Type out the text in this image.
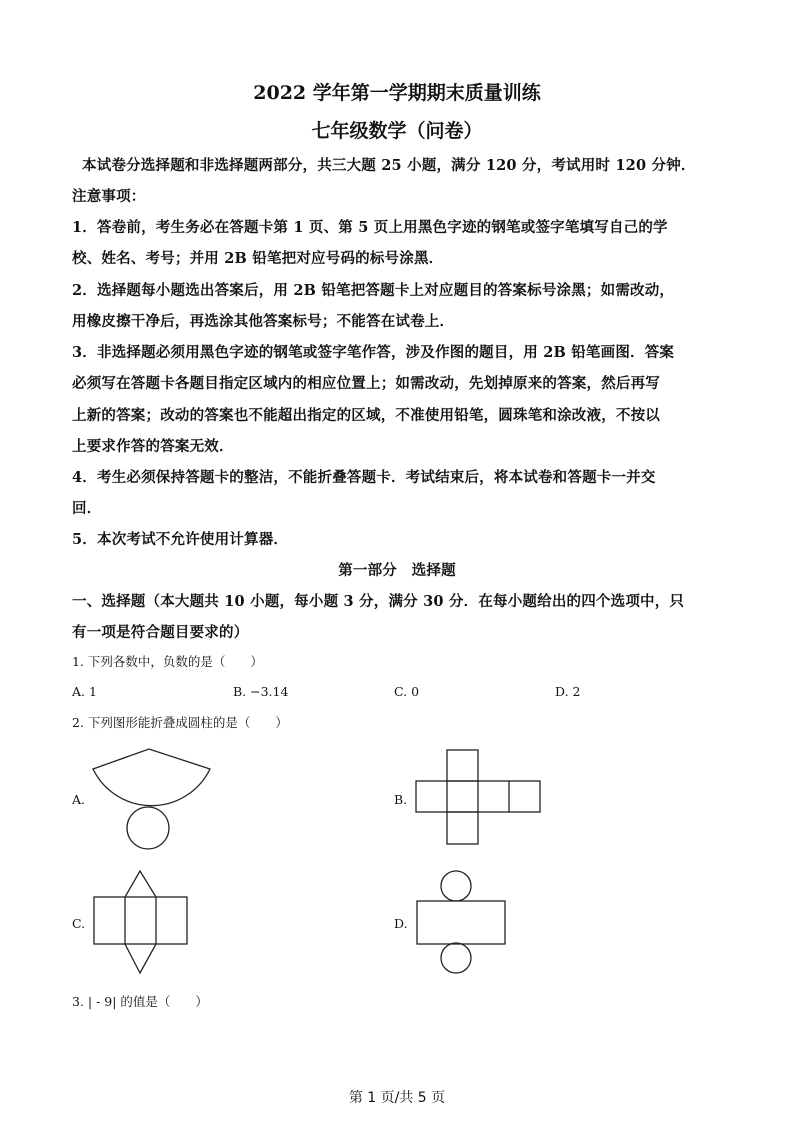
2022 学年第一学期期末质量训练
七年级数学（问卷）
本试卷分选择题和非选择题两部分，共三大题 25 小题，满分 120 分，考试用时 120 分钟．
注意事项：
1．答卷前，考生务必在答题卡第 1 页、第 5 页上用黑色字迹的钢笔或签字笔填写自己的学
校、姓名、考号；并用 2B 铅笔把对应号码的标号涂黑．
2．选择题每小题选出答案后，用 2B 铅笔把答题卡上对应题目的答案标号涂黑；如需改动，
用橡皮擦干净后，再选涂其他答案标号；不能答在试卷上．
3．非选择题必须用黑色字迹的钢笔或签字笔作答，涉及作图的题目，用 2B 铅笔画图．答案
必须写在答题卡各题目指定区域内的相应位置上；如需改动，先划掉原来的答案，然后再写
上新的答案；改动的答案也不能超出指定的区域，不准使用铅笔，圆珠笔和涂改液，不按以
上要求作答的答案无效．
4．考生必须保持答题卡的整洁，不能折叠答题卡．考试结束后，将本试卷和答题卡一并交
回．
5．本次考试不允许使用计算器．
第一部分　选择题
一、选择题（本大题共 10 小题，每小题 3 分，满分 30 分．在每小题给出的四个选项中，只
有一项是符合题目要求的）
1. 下列各数中，负数的是（　　）
A. 1	B. −3.14	C. 0	D. 2
2. 下列图形能折叠成圆柱的是（　　）
A.	B.
C.	D.
3. | - 9| 的值是（　　）
第 1 页/共 5 页
